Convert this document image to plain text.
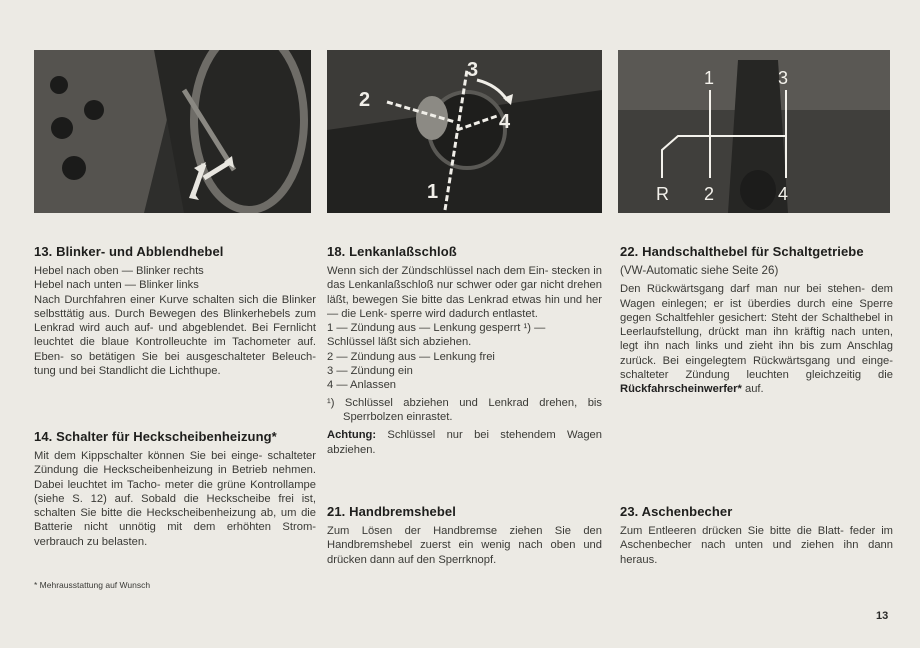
1
2
3
4
1	3
R 2	4
13. Blinker- und Abblendhebel

Hebel nach oben — Blinker rechts

Hebel nach unten — Blinker links

Nach Durchfahren einer Kurve schalten sich die Blinker selbsttätig aus. Durch Bewegen des Blinkerhebels zum Lenkrad wird auch auf- und abgeblendet. Bei Fernlicht leuchtet die blaue Kontrolleuchte im Tachometer auf. Eben- so betätigen Sie bei ausgeschalteter Beleuch- tung und bei Standlicht die Lichthupe.

14. Schalter für Heckscheibenheizung*

Mit dem Kippschalter können Sie bei einge- schalteter Zündung die Heckscheibenheizung in Betrieb nehmen. Dabei leuchtet im Tacho- meter die grüne Kontrollampe (siehe S. 12) auf. Sobald die Heckscheibe frei ist, schalten Sie bitte die Heckscheibenheizung ab, um die Batterie nicht unnötig mit dem erhöhten Strom- verbrauch zu belasten.

* Mehrausstattung auf Wunsch
18. Lenkanlaßschloß

Wenn sich der Zündschlüssel nach dem Ein- stecken in das Lenkanlaßschloß nur schwer oder gar nicht drehen läßt, bewegen Sie bitte das Lenkrad etwas hin und her — die Lenk- sperre wird dadurch entlastet.

1 — Zündung aus — Lenkung gesperrt ¹) —

Schlüssel läßt sich abziehen.

2 — Zündung aus — Lenkung frei

3 — Zündung ein

4 — Anlassen

¹) Schlüssel abziehen und Lenkrad drehen, bis Sperrbolzen einrastet.

Achtung: Schlüssel nur bei stehendem Wagen abziehen.

21. Handbremshebel

Zum Lösen der Handbremse ziehen Sie den Handbremshebel zuerst ein wenig nach oben und drücken dann auf den Sperrknopf.

22. Handschalthebel für Schaltgetriebe

(VW-Automatic siehe Seite 26)

Den Rückwärtsgang darf man nur bei stehen- dem Wagen einlegen; er ist überdies durch eine Sperre gegen Schaltfehler gesichert: Steht der Schalthebel in Leerlaufstellung, drückt man ihn kräftig nach unten, legt ihn nach links und zieht ihn bis zum Anschlag zurück. Bei eingelegtem Rückwärtsgang und einge- schalteter Zündung leuchten gleichzeitig die Rückfahrscheinwerfer* auf.

23. Aschenbecher

Zum Entleeren drücken Sie bitte die Blatt- feder im Aschenbecher nach unten und ziehen ihn dann heraus.

13
